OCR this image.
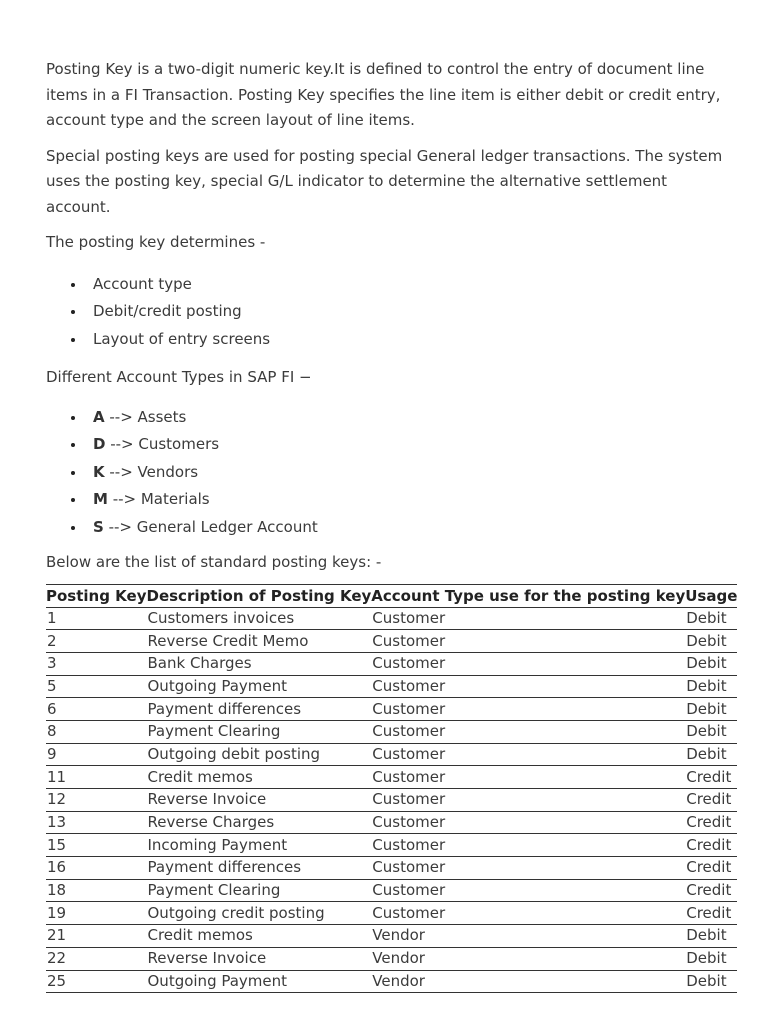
Posting Key is a two-digit numeric key.It is defined to control the entry of document line items in a FI Transaction. Posting Key specifies the line item is either debit or credit entry, account type and the screen layout of line items.

Special posting keys are used for posting special General ledger transactions. The system uses the posting key, special G/L indicator to determine the alternative settlement account.

The posting key determines -

Account type
Debit/credit posting
Layout of entry screens

Different Account Types in SAP FI −

A --> Assets
D --> Customers
K --> Vendors
M --> Materials
S --> General Ledger Account

Below are the list of standard posting keys: -

Posting Key	Description of Posting Key	Account Type use for the posting key	Usage
1	Customers invoices	Customer	Debit
2	Reverse Credit Memo	Customer	Debit
3	Bank Charges	Customer	Debit
5	Outgoing Payment	Customer	Debit
6	Payment differences	Customer	Debit
8	Payment Clearing	Customer	Debit
9	Outgoing debit posting	Customer	Debit
11	Credit memos	Customer	Credit
12	Reverse Invoice	Customer	Credit
13	Reverse Charges	Customer	Credit
15	Incoming Payment	Customer	Credit
16	Payment differences	Customer	Credit
18	Payment Clearing	Customer	Credit
19	Outgoing credit posting	Customer	Credit
21	Credit memos	Vendor	Debit
22	Reverse Invoice	Vendor	Debit
25	Outgoing Payment	Vendor	Debit
